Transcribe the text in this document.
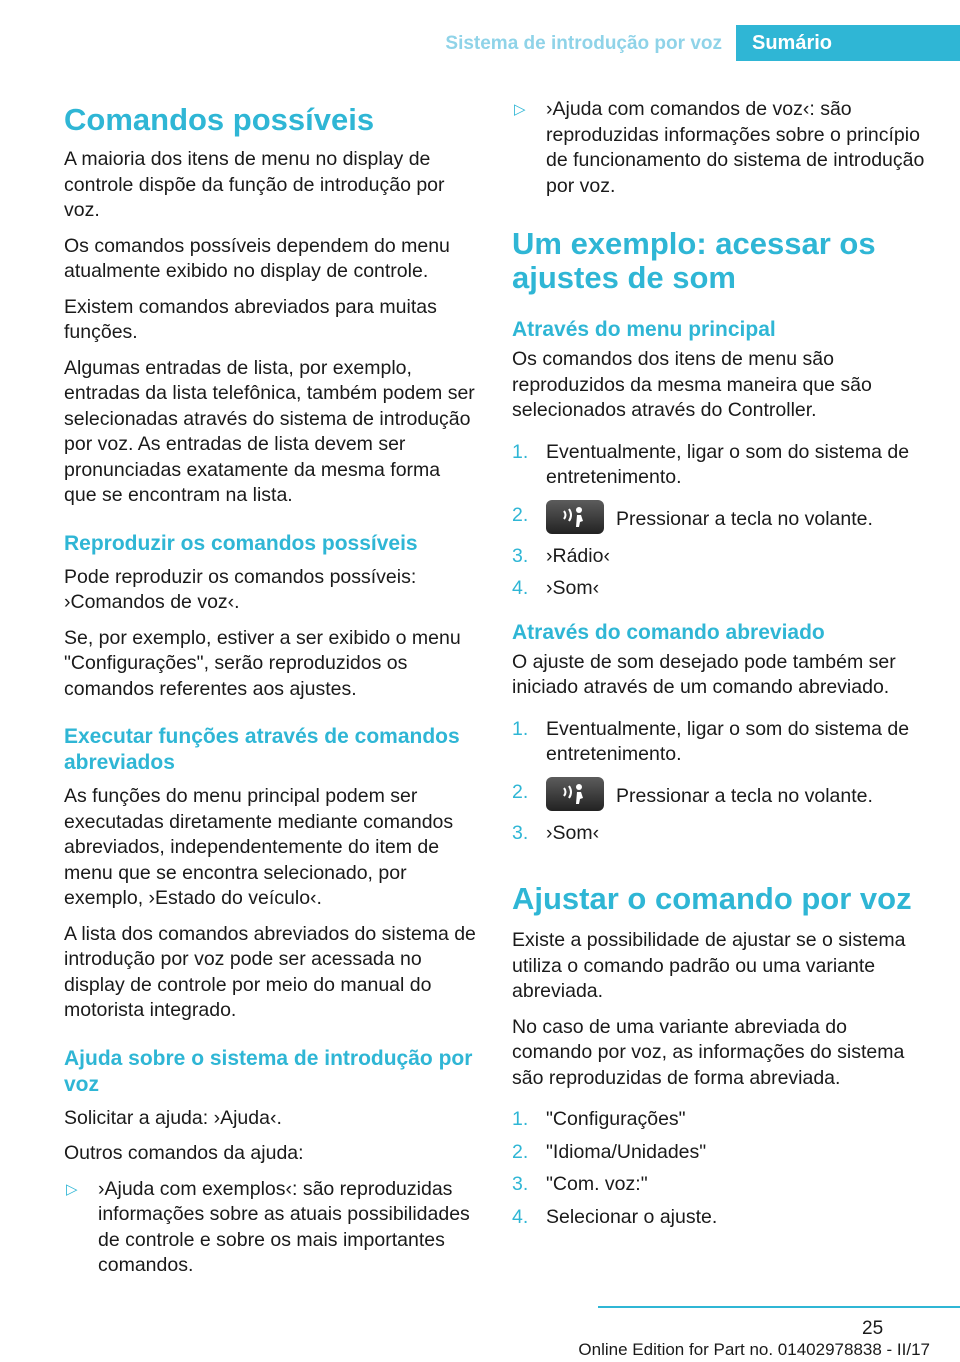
Sistema de introdução por voz	Sumário
Comandos possíveis

A maioria dos itens de menu no display de controle dispõe da função de introdução por voz.

Os comandos possíveis dependem do menu atualmente exibido no display de controle.

Existem comandos abreviados para muitas funções.

Algumas entradas de lista, por exemplo, entradas da lista telefônica, também podem ser selecionadas através do sistema de introdução por voz. As entradas de lista devem ser pronunciadas exatamente da mesma forma que se encontram na lista.

Reproduzir os comandos possíveis

Pode reproduzir os comandos possíveis: ›Comandos de voz‹.

Se, por exemplo, estiver a ser exibido o menu "Configurações", serão reproduzidos os comandos referentes aos ajustes.

Executar funções através de comandos abreviados

As funções do menu principal podem ser executadas diretamente mediante comandos abreviados, independentemente do item de menu que se encontra selecionado, por exemplo, ›Estado do veículo‹.

A lista dos comandos abreviados do sistema de introdução por voz pode ser acessada no display de controle por meio do manual do motorista integrado.

Ajuda sobre o sistema de introdução por voz

Solicitar a ajuda: ›Ajuda‹.

Outros comandos da ajuda:

▷ ›Ajuda com exemplos‹: são reproduzidas informações sobre as atuais possibilidades de controle e sobre os mais importantes comandos.
▷ ›Ajuda com comandos de voz‹: são reproduzidas informações sobre o princípio de funcionamento do sistema de introdução por voz.
Um exemplo: acessar os ajustes de som
Através do menu principal

Os comandos dos itens de menu são reproduzidos da mesma maneira que são selecionados através do Controller.

1. Eventualmente, ligar o som do sistema de entretenimento.
2.	Pressionar a tecla no volante.
3. ›Rádio‹
4. ›Som‹
Através do comando abreviado

O ajuste de som desejado pode também ser iniciado através de um comando abreviado.

1. Eventualmente, ligar o som do sistema de entretenimento.
2.	Pressionar a tecla no volante.
3. ›Som‹
Ajustar o comando por voz

Existe a possibilidade de ajustar se o sistema utiliza o comando padrão ou uma variante abreviada.

No caso de uma variante abreviada do comando por voz, as informações do sistema são reproduzidas de forma abreviada.

1. "Configurações"
2. "Idioma/Unidades"
3. "Com. voz:"
4. Selecionar o ajuste.
25
Online Edition for Part no. 01402978838 - II/17
